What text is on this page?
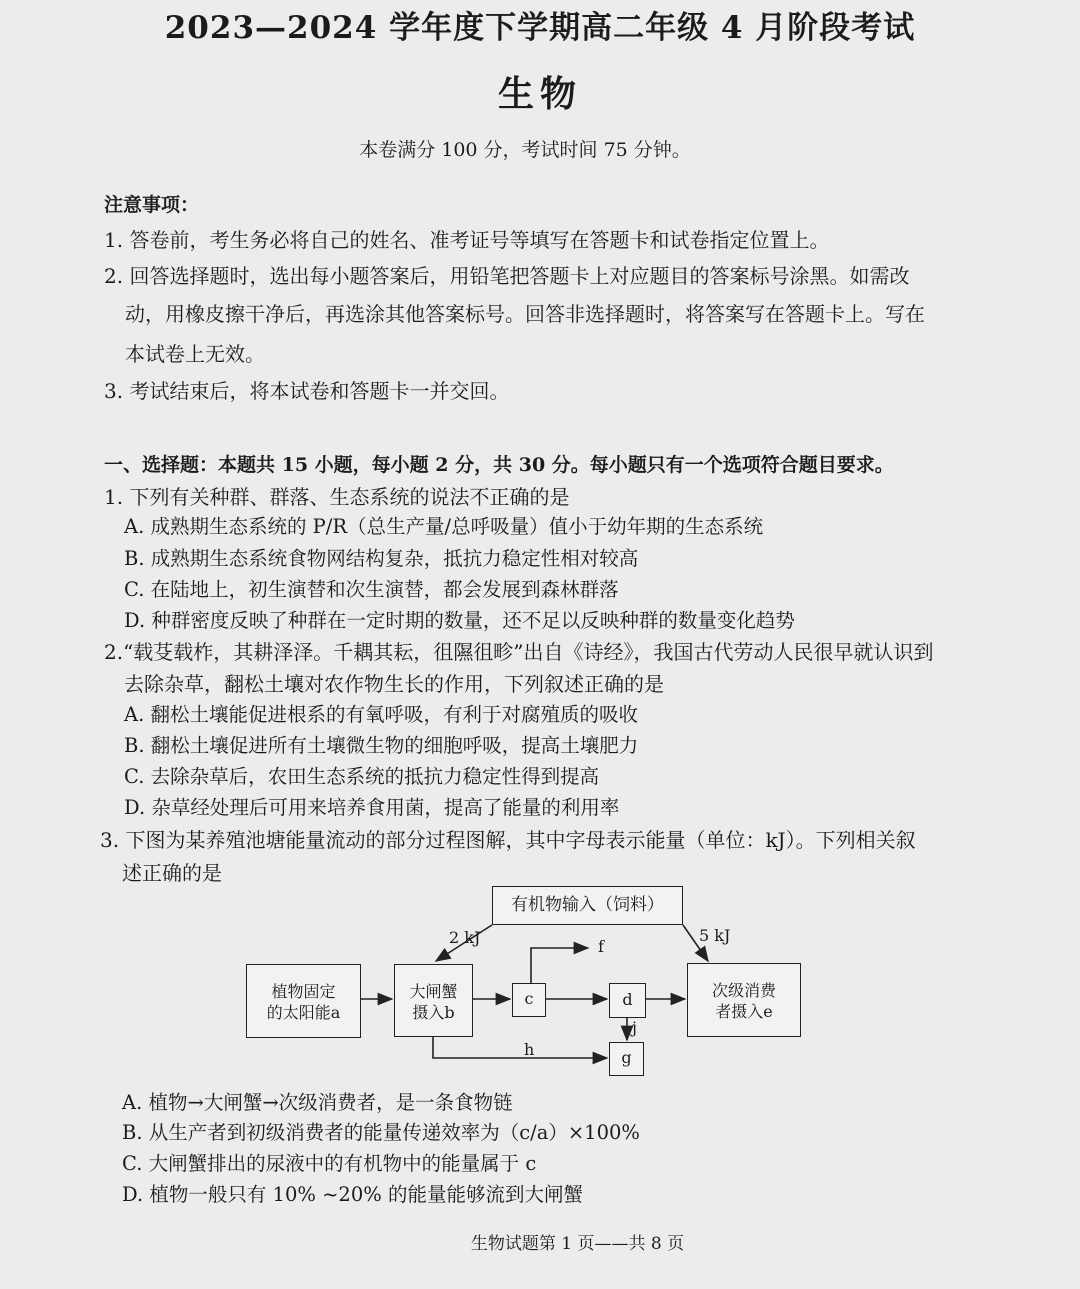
2023—2024 学年度下学期高二年级 4 月阶段考试
生物
本卷满分 100 分，考试时间 75 分钟。
注意事项：
1. 答卷前，考生务必将自己的姓名、准考证号等填写在答题卡和试卷指定位置上。
2. 回答选择题时，选出每小题答案后，用铅笔把答题卡上对应题目的答案标号涂黑。如需改
动，用橡皮擦干净后，再选涂其他答案标号。回答非选择题时，将答案写在答题卡上。写在
本试卷上无效。
3. 考试结束后，将本试卷和答题卡一并交回。
一、选择题：本题共 15 小题，每小题 2 分，共 30 分。每小题只有一个选项符合题目要求。
1. 下列有关种群、群落、生态系统的说法不正确的是
A. 成熟期生态系统的 P/R（总生产量/总呼吸量）值小于幼年期的生态系统
B. 成熟期生态系统食物网结构复杂，抵抗力稳定性相对较高
C. 在陆地上，初生演替和次生演替，都会发展到森林群落
D. 种群密度反映了种群在一定时期的数量，还不足以反映种群的数量变化趋势
2.“载芟载柞，其耕泽泽。千耦其耘，徂隰徂畛”出自《诗经》，我国古代劳动人民很早就认识到
去除杂草，翻松土壤对农作物生长的作用，下列叙述正确的是
A. 翻松土壤能促进根系的有氧呼吸，有利于对腐殖质的吸收
B. 翻松土壤促进所有土壤微生物的细胞呼吸，提高土壤肥力
C. 去除杂草后，农田生态系统的抵抗力稳定性得到提高
D. 杂草经处理后可用来培养食用菌，提高了能量的利用率
3. 下图为某养殖池塘能量流动的部分过程图解，其中字母表示能量（单位：kJ）。下列相关叙
述正确的是
有机物输入（饲料）
植物固定
的太阳能a
大闸蟹
摄入b
c	d
g
次级消费
者摄入e
2 kJ	5 kJ
f
h
j
A. 植物→大闸蟹→次级消费者，是一条食物链
B. 从生产者到初级消费者的能量传递效率为（c/a）×100%
C. 大闸蟹排出的尿液中的有机物中的能量属于 c
D. 植物一般只有 10% ~20% 的能量能够流到大闸蟹
生物试题第 1 页——共 8 页
